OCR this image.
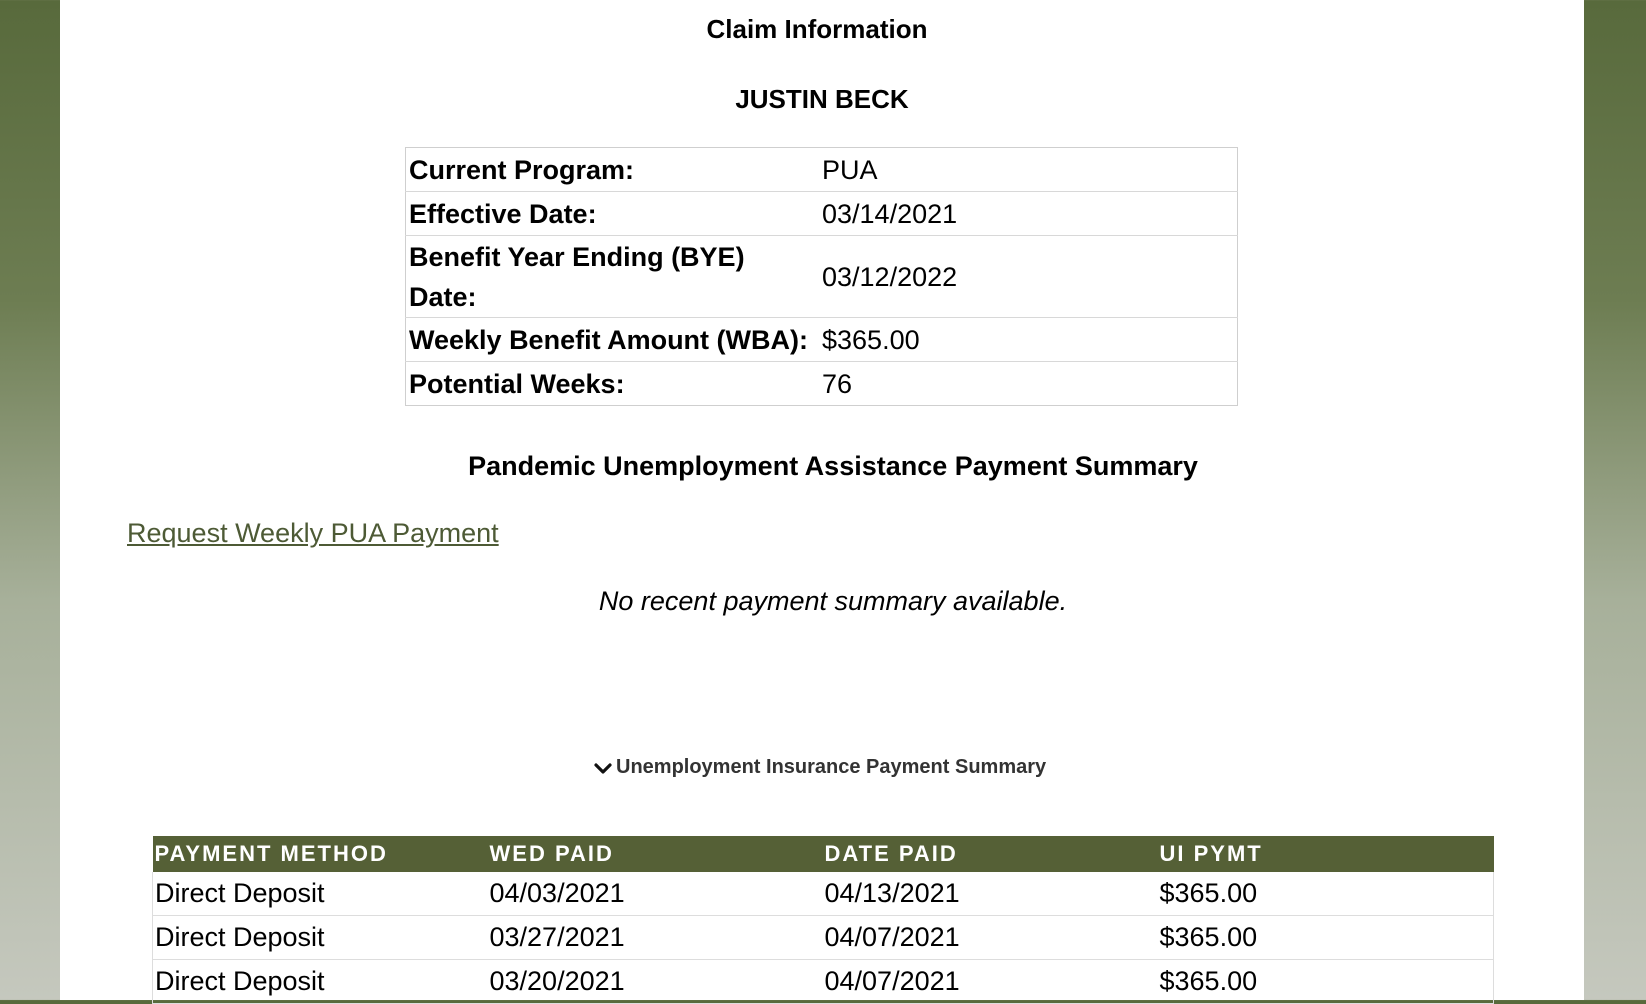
Claim Information
JUSTIN BECK
Current Program:	PUA
Effective Date:	03/14/2021
Benefit Year Ending (BYE) Date:	03/12/2022
Weekly Benefit Amount (WBA):	$365.00
Potential Weeks:	76
Pandemic Unemployment Assistance Payment Summary
Request Weekly PUA Payment
No recent payment summary available.
Unemployment Insurance Payment Summary
PAYMENT METHOD	WED PAID	DATE PAID	UI PYMT
Direct Deposit	04/03/2021	04/13/2021	$365.00
Direct Deposit	03/27/2021	04/07/2021	$365.00
Direct Deposit	03/20/2021	04/07/2021	$365.00
